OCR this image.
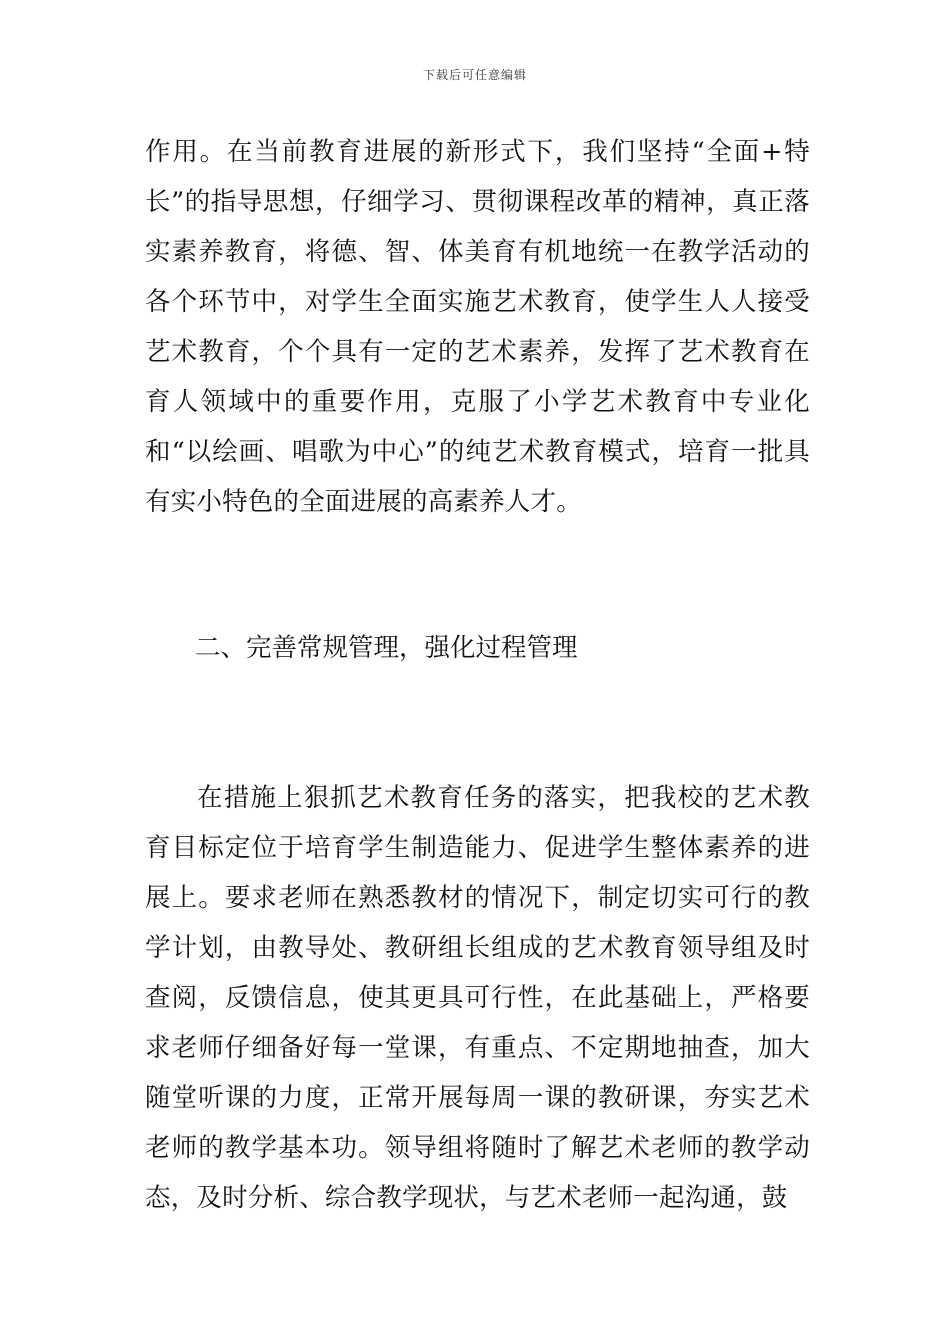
下载后可任意编辑

作用。在当前教育进展的新形式下，我们坚持“全面+特长”的指导思想，仔细学习、贯彻课程改革的精神，真正落实素养教育，将德、智、体美育有机地统一在教学活动的各个环节中，对学生全面实施艺术教育，使学生人人接受艺术教育，个个具有一定的艺术素养，发挥了艺术教育在育人领域中的重要作用，克服了小学艺术教育中专业化和“以绘画、唱歌为中心”的纯艺术教育模式，培育一批具有实小特色的全面进展的高素养人才。

二、完善常规管理，强化过程管理

在措施上狠抓艺术教育任务的落实，把我校的艺术教育目标定位于培育学生制造能力、促进学生整体素养的进展上。要求老师在熟悉教材的情况下，制定切实可行的教学计划，由教导处、教研组长组成的艺术教育领导组及时查阅，反馈信息，使其更具可行性，在此基础上，严格要求老师仔细备好每一堂课，有重点、不定期地抽查，加大随堂听课的力度，正常开展每周一课的教研课，夯实艺术老师的教学基本功。领导组将随时了解艺术老师的教学动态，及时分析、综合教学现状，与艺术老师一起沟通，鼓
